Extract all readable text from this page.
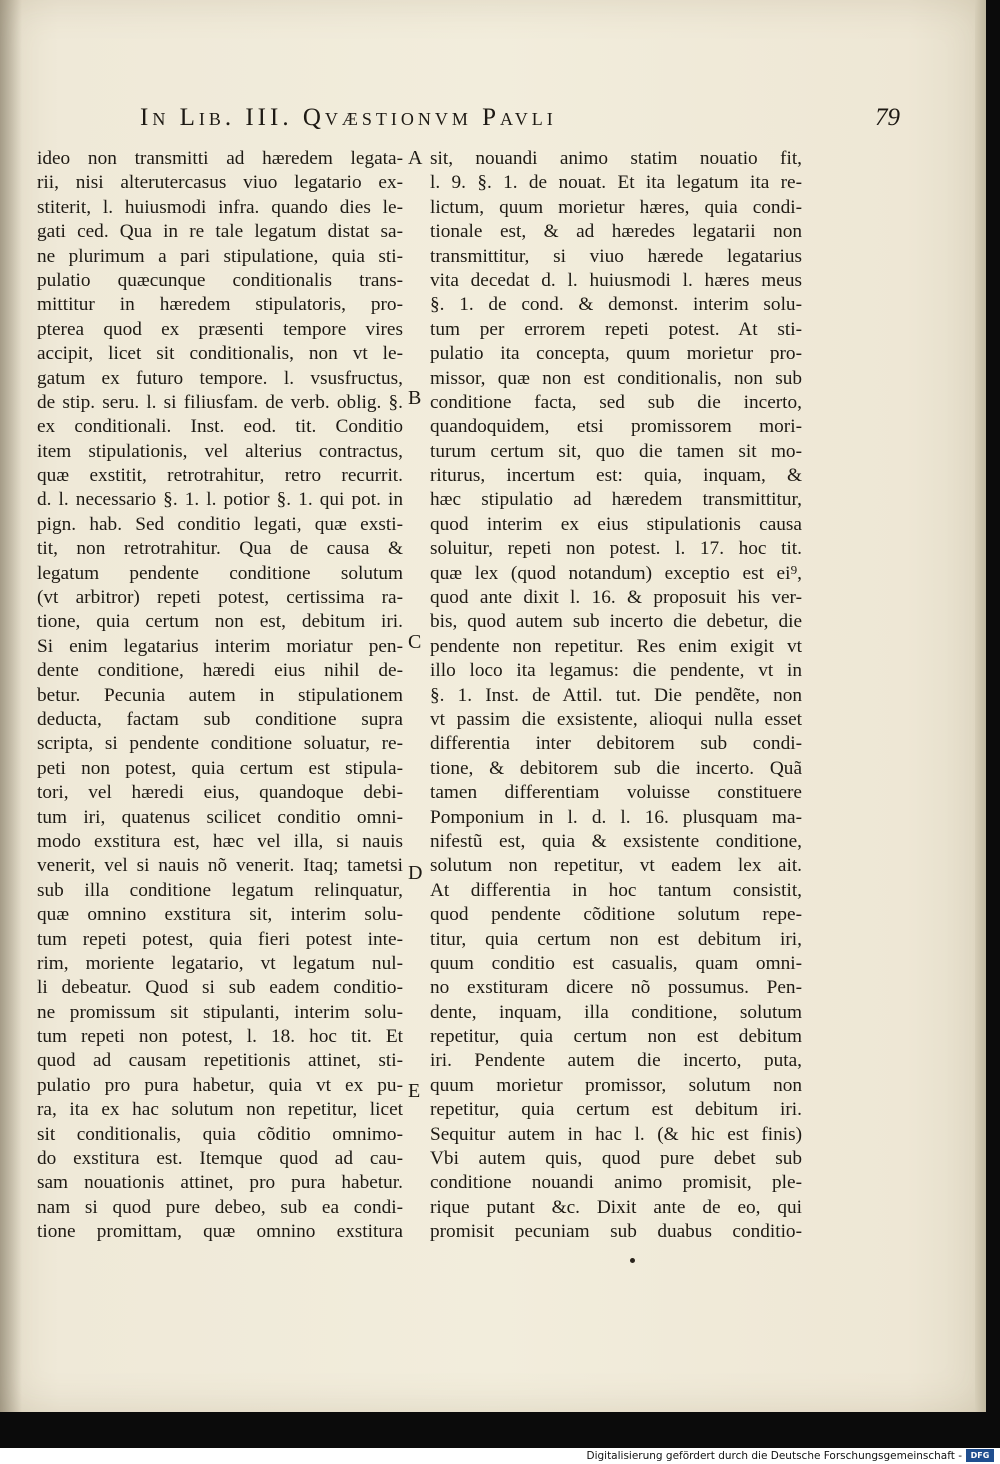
In Lib. III. Qvæstionvm Pavli	79
ideo non transmitti ad hæredem legata-
rii, nisi alterutercasus viuo legatario ex-
stiterit, l. huiusmodi infra. quando dies le-
gati ced. Qua in re tale legatum distat sa-
ne plurimum a pari stipulatione, quia sti-
pulatio quæcunque conditionalis trans-
mittitur in hæredem stipulatoris, pro-
pterea quod ex præsenti tempore vires
accipit, licet sit conditionalis, non vt le-
gatum ex futuro tempore. l. vsusfructus,
de stip. seru. l. si filiusfam. de verb. oblig. §.
ex conditionali. Inst. eod. tit. Conditio
item stipulationis, vel alterius contractus,
quæ exstitit, retrotrahitur, retro recurrit.
d. l. necessario §. 1. l. potior §. 1. qui pot. in
pign. hab. Sed conditio legati, quæ exsti-
tit, non retrotrahitur. Qua de causa &
legatum pendente conditione solutum
(vt arbitror) repeti potest, certissima ra-
tione, quia certum non est, debitum iri.
Si enim legatarius interim moriatur pen-
dente conditione, hæredi eius nihil de-
betur. Pecunia autem in stipulationem
deducta, factam sub conditione supra
scripta, si pendente conditione soluatur, re-
peti non potest, quia certum est stipula-
tori, vel hæredi eius, quandoque debi-
tum iri, quatenus scilicet conditio omni-
modo exstitura est, hæc vel illa, si nauis
venerit, vel si nauis nõ venerit. Itaq; tametsi
sub illa conditione legatum relinquatur,
quæ omnino exstitura sit, interim solu-
tum repeti potest, quia fieri potest inte-
rim, moriente legatario, vt legatum nul-
li debeatur. Quod si sub eadem conditio-
ne promissum sit stipulanti, interim solu-
tum repeti non potest, l. 18. hoc tit. Et
quod ad causam repetitionis attinet, sti-
pulatio pro pura habetur, quia vt ex pu-
ra, ita ex hac solutum non repetitur, licet
sit conditionalis, quia cõditio omnimo-
do exstitura est. Itemque quod ad cau-
sam nouationis attinet, pro pura habetur.
nam si quod pure debeo, sub ea condi-
tione promittam, quæ omnino exstitura
sit, nouandi animo statim nouatio fit,
l. 9. §. 1. de nouat. Et ita legatum ita re-
lictum, quum morietur hæres, quia condi-
tionale est, & ad hæredes legatarii non
transmittitur, si viuo hærede legatarius
vita decedat d. l. huiusmodi l. hæres meus
§. 1. de cond. & demonst. interim solu-
tum per errorem repeti potest. At sti-
pulatio ita concepta, quum morietur pro-
missor, quæ non est conditionalis, non sub
conditione facta, sed sub die incerto,
quandoquidem, etsi promissorem mori-
turum certum sit, quo die tamen sit mo-
riturus, incertum est: quia, inquam, &
hæc stipulatio ad hæredem transmittitur,
quod interim ex eius stipulationis causa
soluitur, repeti non potest. l. 17. hoc tit.
quæ lex (quod notandum) exceptio est ei⁹,
quod ante dixit l. 16. & proposuit his ver-
bis, quod autem sub incerto die debetur, die
pendente non repetitur. Res enim exigit vt
illo loco ita legamus: die pendente, vt in
§. 1. Inst. de Attil. tut. Die pendẽte, non
vt passim die exsistente, alioqui nulla esset
differentia inter debitorem sub condi-
tione, & debitorem sub die incerto. Quã
tamen differentiam voluisse constituere
Pomponium in l. d. l. 16. plusquam ma-
nifestũ est, quia & exsistente conditione,
solutum non repetitur, vt eadem lex ait.
At differentia in hoc tantum consistit,
quod pendente cõditione solutum repe-
titur, quia certum non est debitum iri,
quum conditio est casualis, quam omni-
no exstituram dicere nõ possumus. Pen-
dente, inquam, illa conditione, solutum
repetitur, quia certum non est debitum
iri. Pendente autem die incerto, puta,
quum morietur promissor, solutum non
repetitur, quia certum est debitum iri.
Sequitur autem in hac l. (& hic est finis)
Vbi autem quis, quod pure debet sub
conditione nouandi animo promisit, ple-
rique putant &c. Dixit ante de eo, qui
promisit pecuniam sub duabus conditio-
A
B
C
D
E
Digitalisierung gefördert durch die Deutsche Forschungsgemeinschaft -	DFG
